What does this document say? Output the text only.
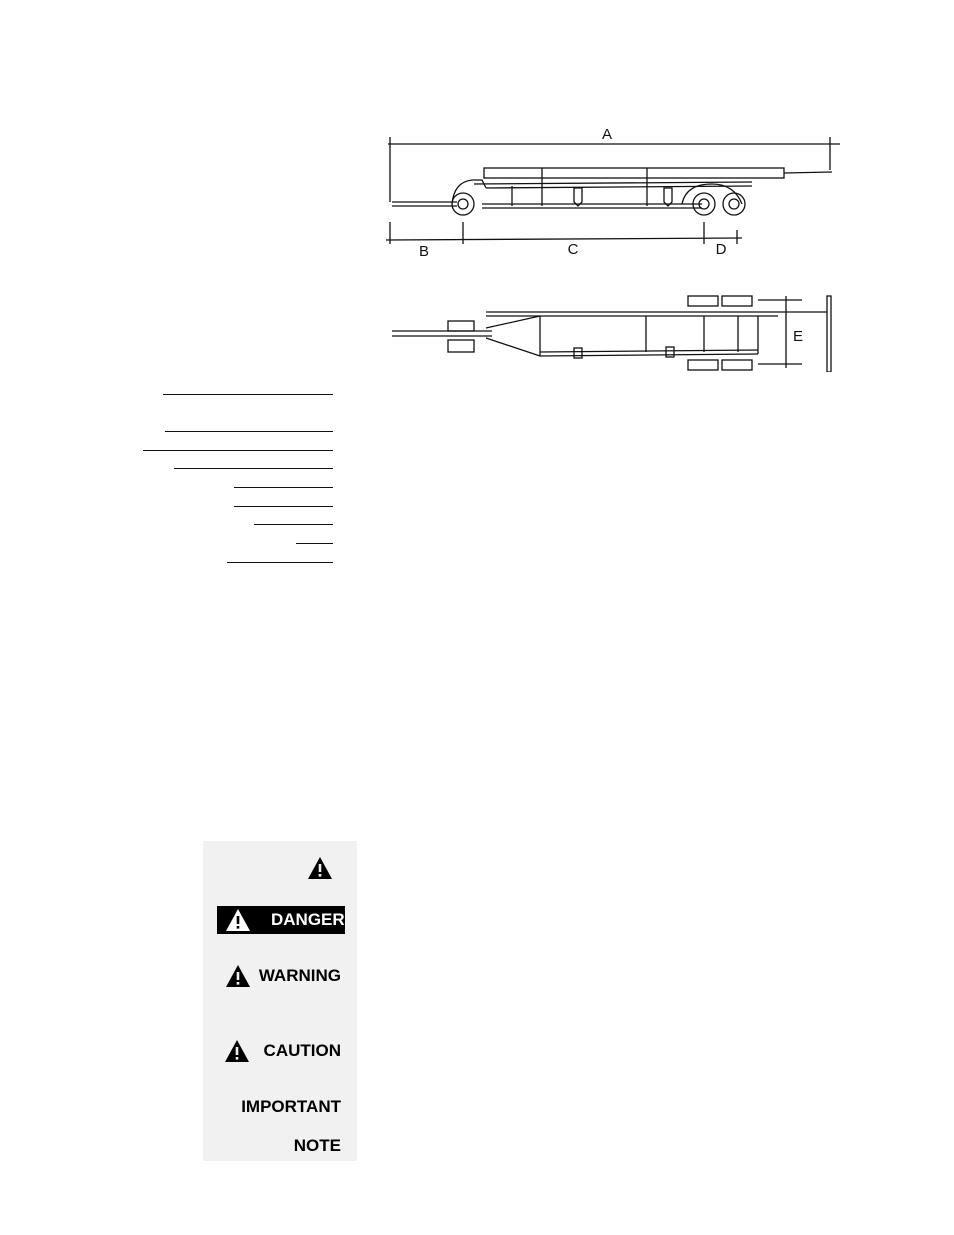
A
B	C	D
E
DANGER
WARNING
CAUTION
IMPORTANT
NOTE
